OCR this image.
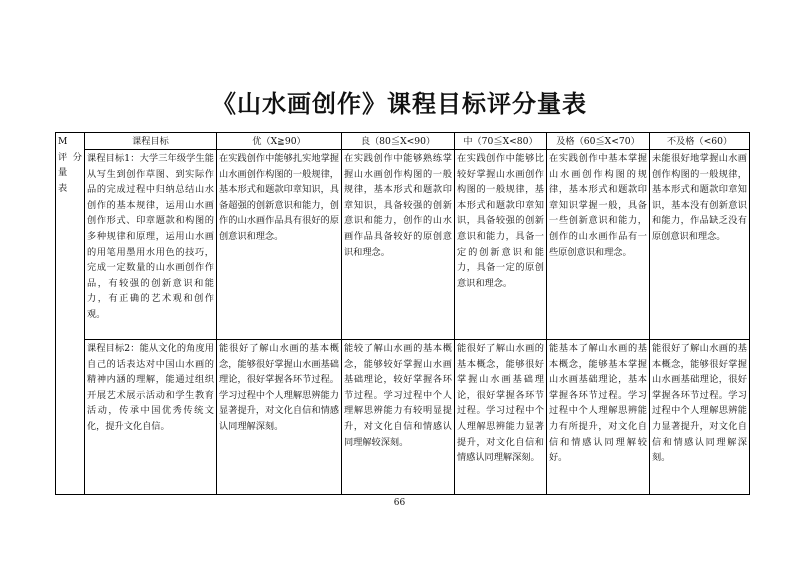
《山水画创作》课程目标评分量表
M
评分量
表	课程目标	优（X≧90）	良（80≦X<90）	中（70≦X<80）	及格（60≦X<70）	不及格（<60）
	课程目标1：大学三年级学生能从写生到创作草图、到实际作品的完成过程中归纳总结山水创作的基本规律，运用山水画创作形式、印章题款和构图的多种规律和原理，运用山水画的用笔用墨用水用色的技巧，完成一定数量的山水画创作作品，有较强的创新意识和能力，有正确的艺术观和创作观。	在实践创作中能够扎实地掌握山水画创作构图的一般规律，基本形式和题款印章知识，具备超强的创新意识和能力，创作的山水画作品具有很好的原创意识和理念。	在实践创作中能够熟练掌握山水画创作构图的一般规律，基本形式和题款印章知识，具备较强的创新意识和能力，创作的山水画作品具备较好的原创意识和理念。	在实践创作中能够比较好掌握山水画创作构图的一般规律，基本形式和题款印章知识，具备较强的创新意识和能力，具备一定的创新意识和能力，具备一定的原创意识和理念。	在实践创作中基本掌握山水画创作构图的规律，基本形式和题款印章知识掌握一般，具备一些创新意识和能力，创作的山水画作品有一些原创意识和理念。	未能很好地掌握山水画创作构图的一般规律，基本形式和题款印章知识，基本没有创新意识和能力，作品缺乏没有原创意识和理念。
	课程目标2：能从文化的角度用自己的话表达对中国山水画的精神内涵的理解，能通过组织开展艺术展示活动和学生教育活动，传承中国优秀传统文化，提升文化自信。	能很好了解山水画的基本概念，能够很好掌握山水画基础理论，很好掌握各环节过程。学习过程中个人理解思辨能力显著提升，对文化自信和情感认同理解深刻。	能较了解山水画的基本概念，能够较好掌握山水画基础理论，较好掌握各环节过程。学习过程中个人理解思辨能力有较明显提升，对文化自信和情感认同理解较深刻。	能很好了解山水画的基本概念，能够很好掌握山水画基础理论，很好掌握各环节过程。学习过程中个人理解思辨能力显著提升，对文化自信和情感认同理解深刻。	能基本了解山水画的基本概念，能够基本掌握山水画基础理论，基本掌握各环节过程。学习过程中个人理解思辨能力有所提升，对文化自信和情感认同理解较好。	能很好了解山水画的基本概念，能够很好掌握山水画基础理论，很好掌握各环节过程。学习过程中个人理解思辨能力显著提升，对文化自信和情感认同理解深刻。
66
